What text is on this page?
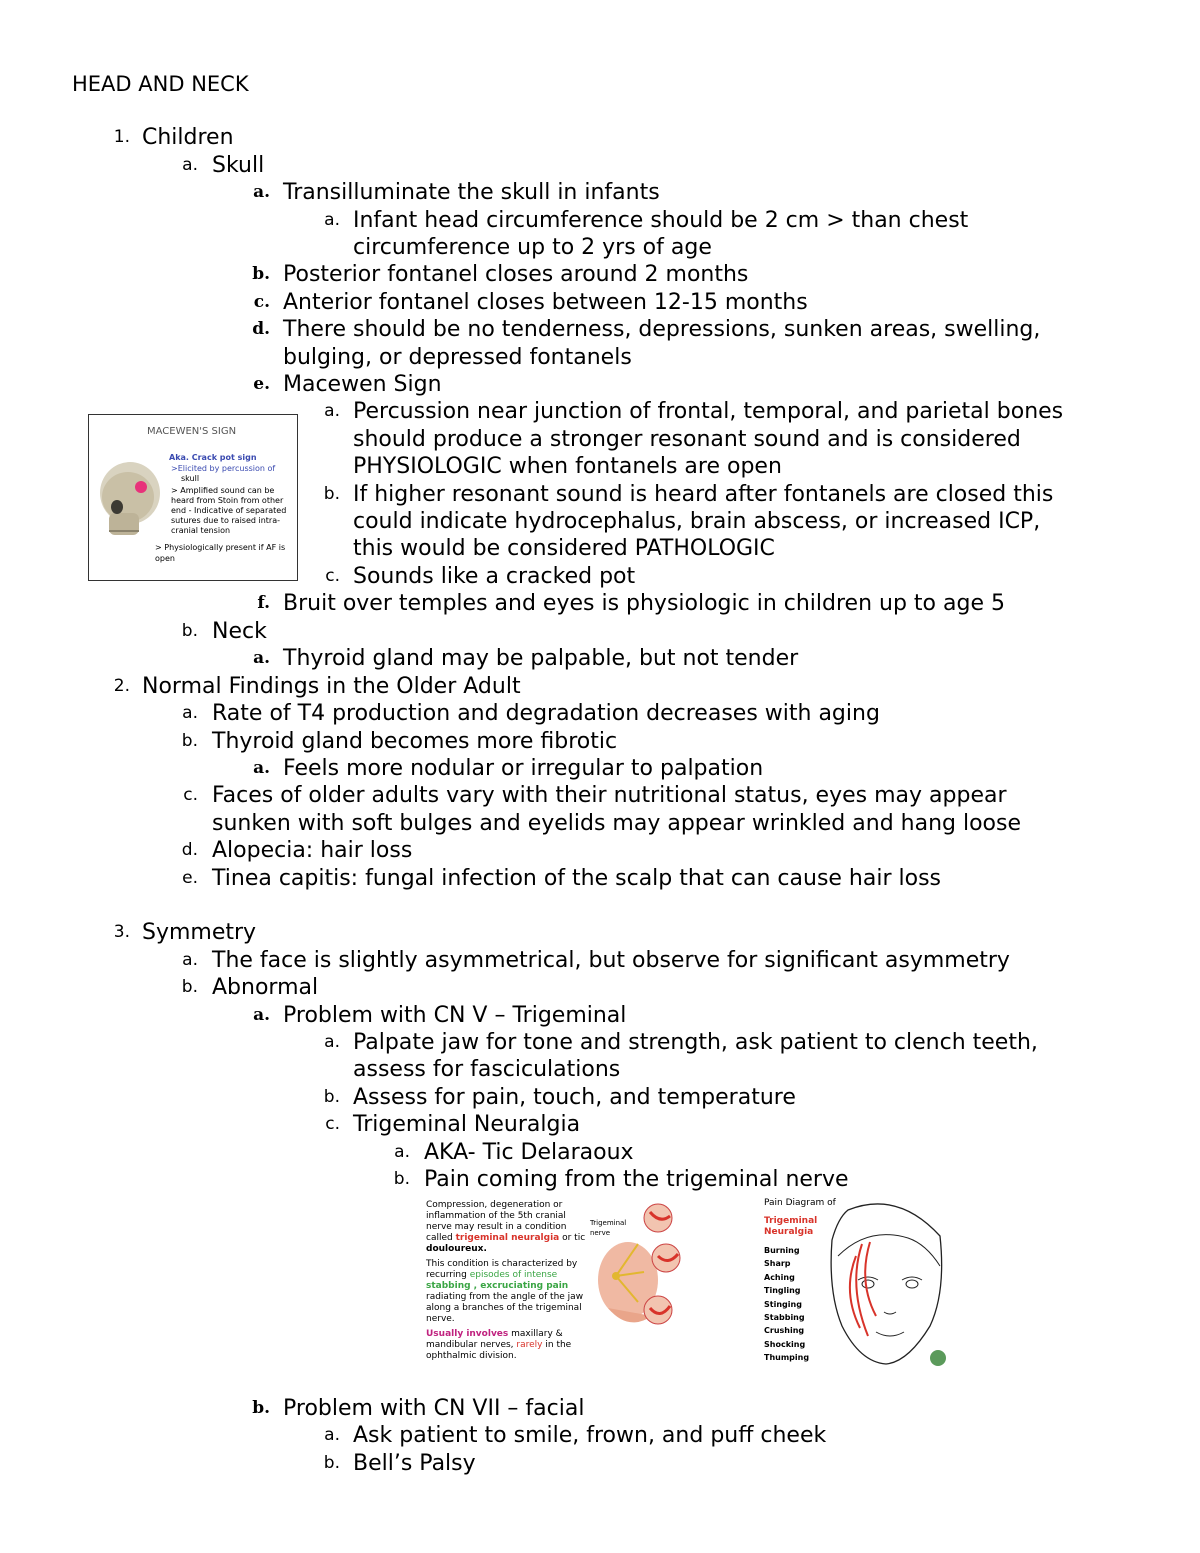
HEAD AND NECK
1. Children
a. Skull
a. Transilluminate the skull in infants
a. Infant head circumference should be 2 cm > than chest
circumference up to 2 yrs of age
b. Posterior fontanel closes around 2 months
c. Anterior fontanel closes between 12-15 months
d. There should be no tenderness, depressions, sunken areas, swelling,
bulging, or depressed fontanels
e. Macewen Sign
a. Percussion near junction of frontal, temporal, and parietal bones
should produce a stronger resonant sound and is considered
PHYSIOLOGIC when fontanels are open
b. If higher resonant sound is heard after fontanels are closed this
could indicate hydrocephalus, brain abscess, or increased ICP,
this would be considered PATHOLOGIC
c. Sounds like a cracked pot
f. Bruit over temples and eyes is physiologic in children up to age 5
b. Neck
a. Thyroid gland may be palpable, but not tender
2. Normal Findings in the Older Adult
a. Rate of T4 production and degradation decreases with aging
b. Thyroid gland becomes more fibrotic
a. Feels more nodular or irregular to palpation
c. Faces of older adults vary with their nutritional status, eyes may appear
sunken with soft bulges and eyelids may appear wrinkled and hang loose
d. Alopecia: hair loss
e. Tinea capitis: fungal infection of the scalp that can cause hair loss
3. Symmetry
a. The face is slightly asymmetrical, but observe for significant asymmetry
b. Abnormal
a. Problem with CN V – Trigeminal
a. Palpate jaw for tone and strength, ask patient to clench teeth,
assess for fasciculations
b. Assess for pain, touch, and temperature
c. Trigeminal Neuralgia
a. AKA- Tic Delaraoux
b. Pain coming from the trigeminal nerve
b. Problem with CN VII – facial
a. Ask patient to smile, frown, and puff cheek
b. Bell’s Palsy
MACEWEN'S SIGN
Aka. Crack pot sign
>Elicited by percussion of
skull
> Amplified sound can be
heard from Stoin from other
end - Indicative of separated
sutures due to raised intra-
cranial tension
> Physiologically present if AF is
open
Compression, degeneration or
inflammation of the 5th cranial
nerve may result in a condition
called trigeminal neuralgia or tic
douloureux.
This condition is characterized by
recurring episodes of intense
stabbing , excruciating pain
radiating from the angle of the jaw
along a branches of the trigeminal
nerve.
Usually involves maxillary &
mandibular nerves, rarely in the
ophthalmic division.
Trigeminal nerve
Pain Diagram of
Trigeminal
Neuralgia
Burning
Sharp
Aching
Tingling
Stinging
Stabbing
Crushing
Shocking
Thumping
